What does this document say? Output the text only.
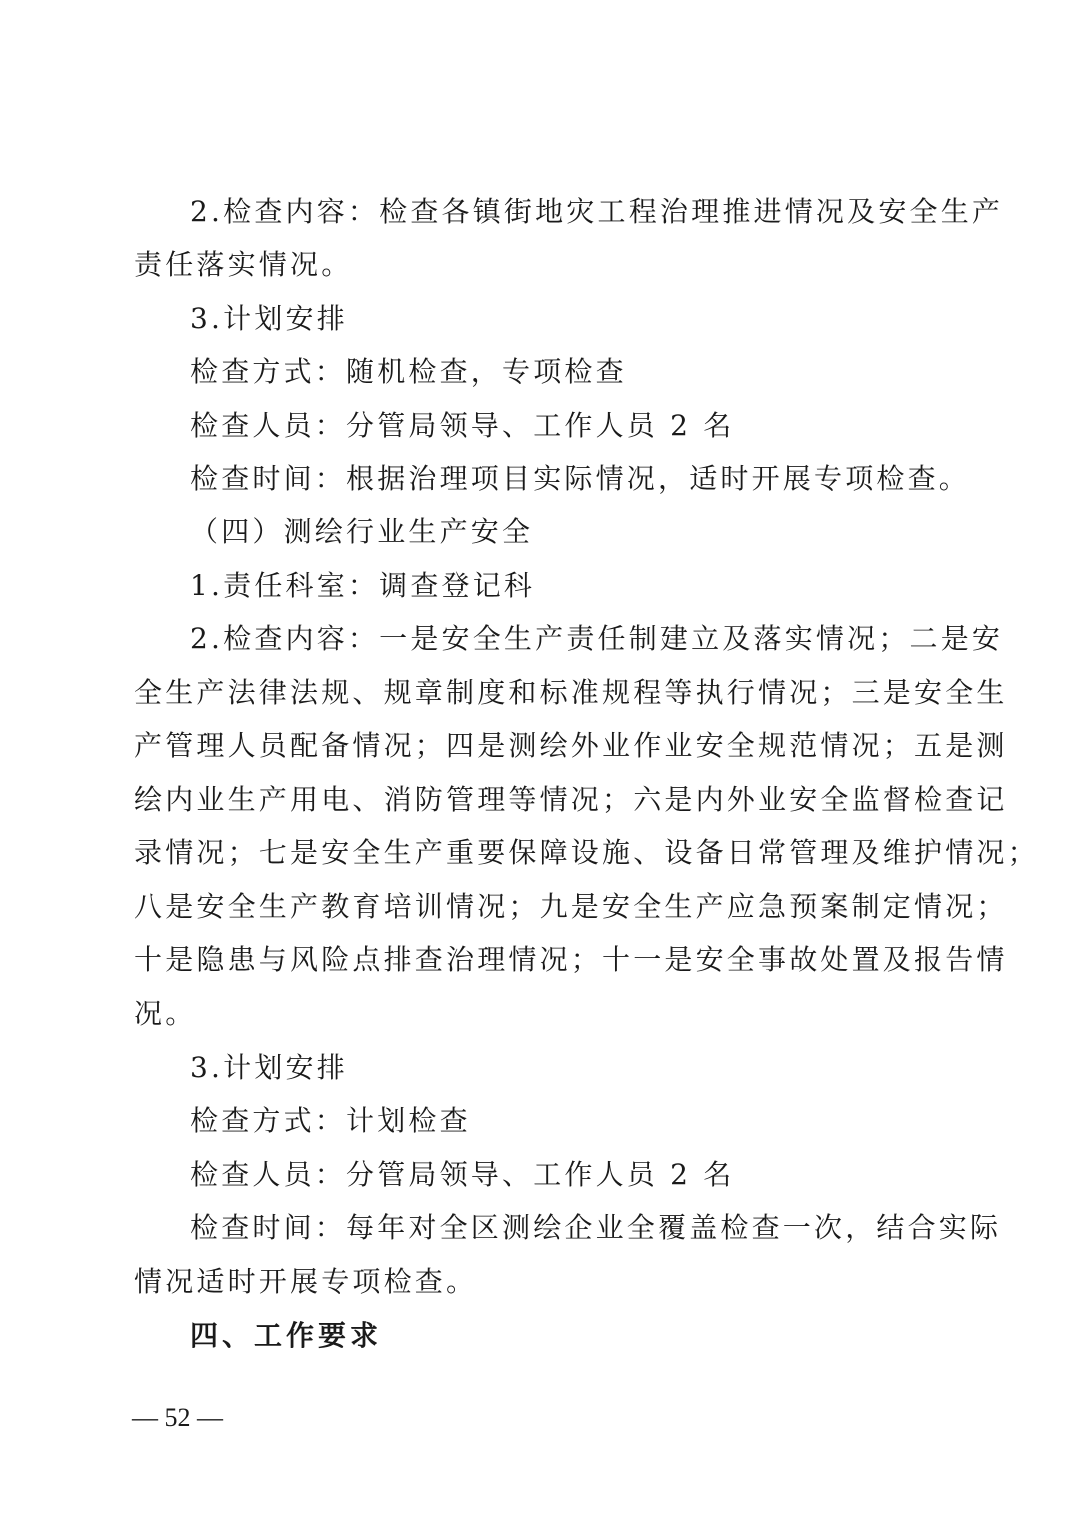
2.检查内容：检查各镇街地灾工程治理推进情况及安全生产
责任落实情况。
3.计划安排
检查方式：随机检查，专项检查
检查人员：分管局领导、工作人员 2 名
检查时间：根据治理项目实际情况，适时开展专项检查。
（四）测绘行业生产安全
1.责任科室：调查登记科
2.检查内容：一是安全生产责任制建立及落实情况；二是安
全生产法律法规、规章制度和标准规程等执行情况；三是安全生
产管理人员配备情况；四是测绘外业作业安全规范情况；五是测
绘内业生产用电、消防管理等情况；六是内外业安全监督检查记
录情况；七是安全生产重要保障设施、设备日常管理及维护情况；
八是安全生产教育培训情况；九是安全生产应急预案制定情况；
十是隐患与风险点排查治理情况；十一是安全事故处置及报告情
况。
3.计划安排
检查方式：计划检查
检查人员：分管局领导、工作人员 2 名
检查时间：每年对全区测绘企业全覆盖检查一次，结合实际
情况适时开展专项检查。
四、工作要求
— 52 —
